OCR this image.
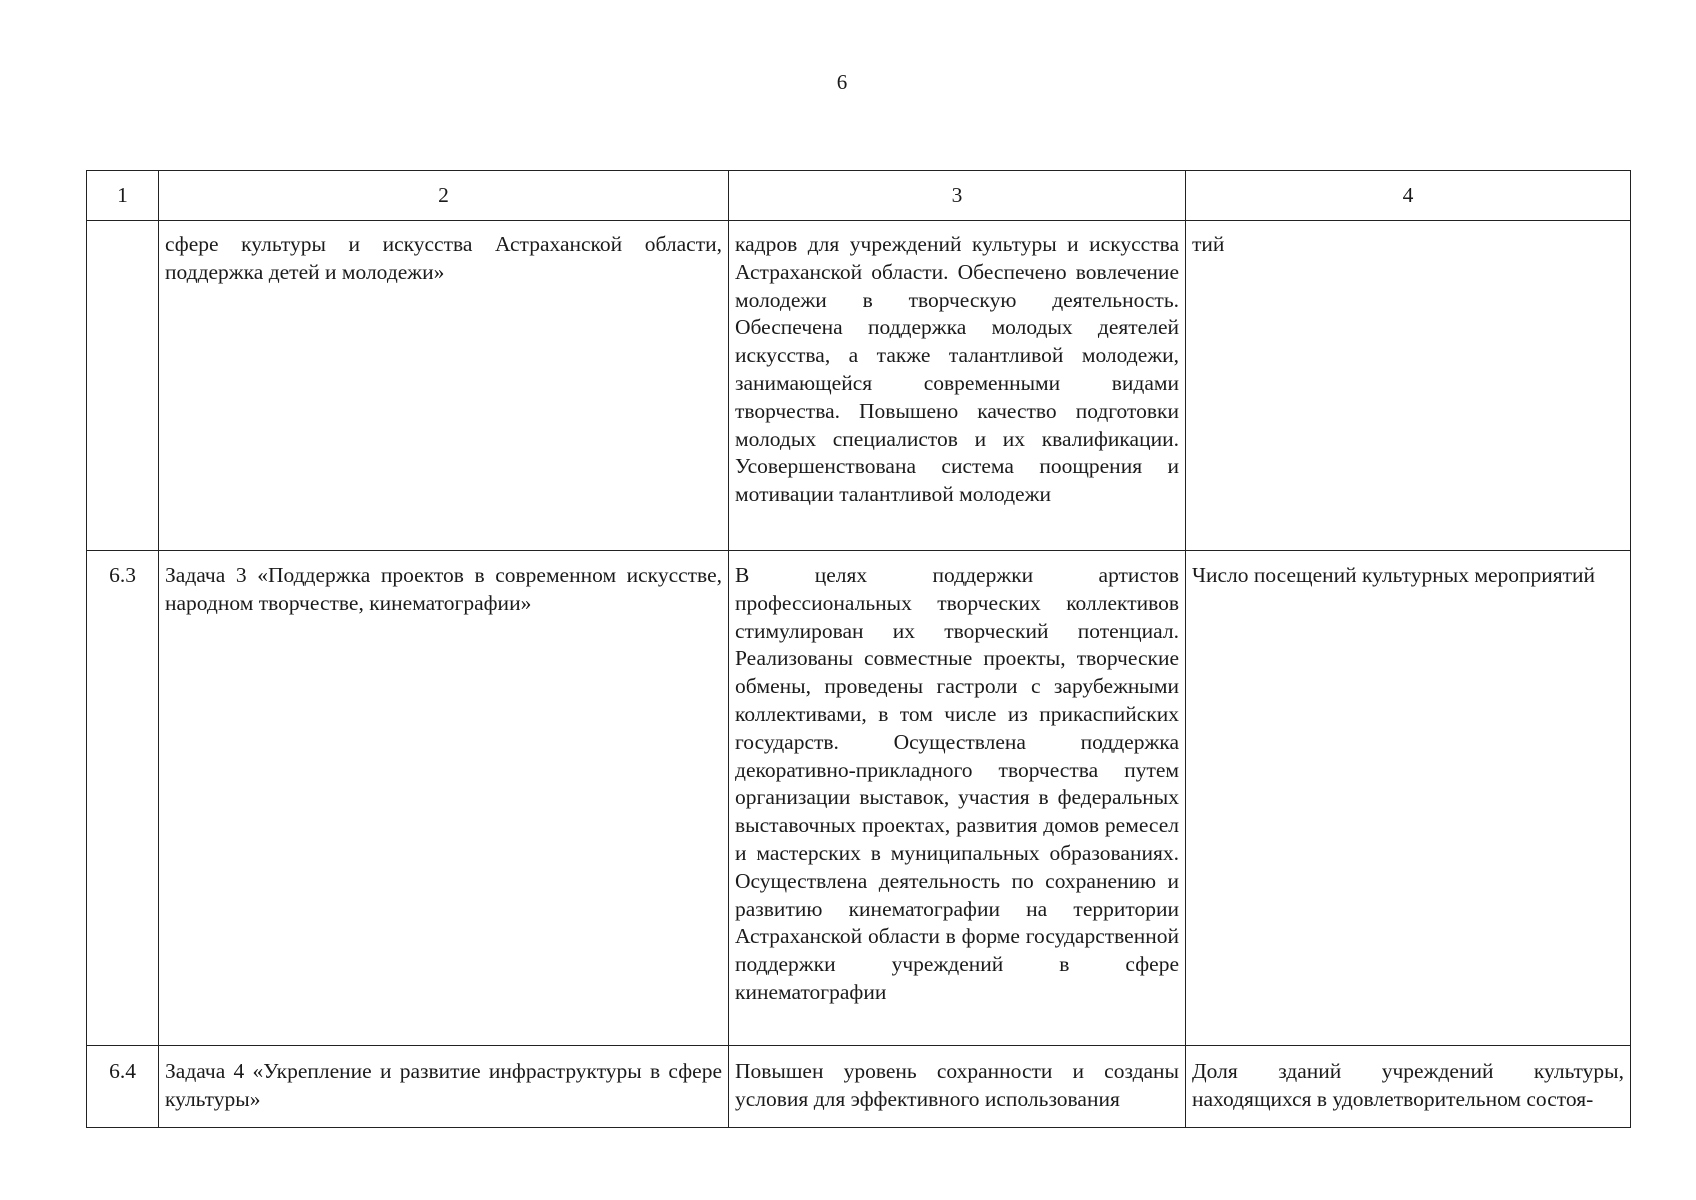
6
1	2	3	4

	сфере культуры и искусства Астраханской области, поддержка детей и молодежи»	кадров для учреждений культуры и искусства Астраханской области. Обеспечено вовлечение молодежи в творческую деятельность. Обеспечена поддержка молодых деятелей искусства, а также талантливой молодежи, занимающейся современными видами творчества. Повышено качество подготовки молодых специалистов и их квалификации. Усовершенствована система поощрения и мотивации талантливой молодежи	тий

6.3	Задача 3 «Поддержка проектов в современном искусстве, народном творчестве, кинематографии»	В целях поддержки артистов профессиональных творческих коллективов стимулирован их творческий потенциал. Реализованы совместные проекты, творческие обмены, проведены гастроли с зарубежными коллективами, в том числе из прикаспийских государств. Осуществлена поддержка декоративно-прикладного творчества путем организации выставок, участия в федеральных выставочных проектах, развития домов ремесел и мастерских в муниципальных образованиях. Осуществлена деятельность по сохранению и развитию кинематографии на территории Астраханской области в форме государственной поддержки учреждений в сфере кинематографии	Число посещений культурных мероприятий

6.4	Задача 4 «Укрепление и развитие инфраструктуры в сфере культуры»	Повышен уровень сохранности и созданы условия для эффективного использования	Доля зданий учреждений культуры, находящихся в удовлетворительном состоя-
